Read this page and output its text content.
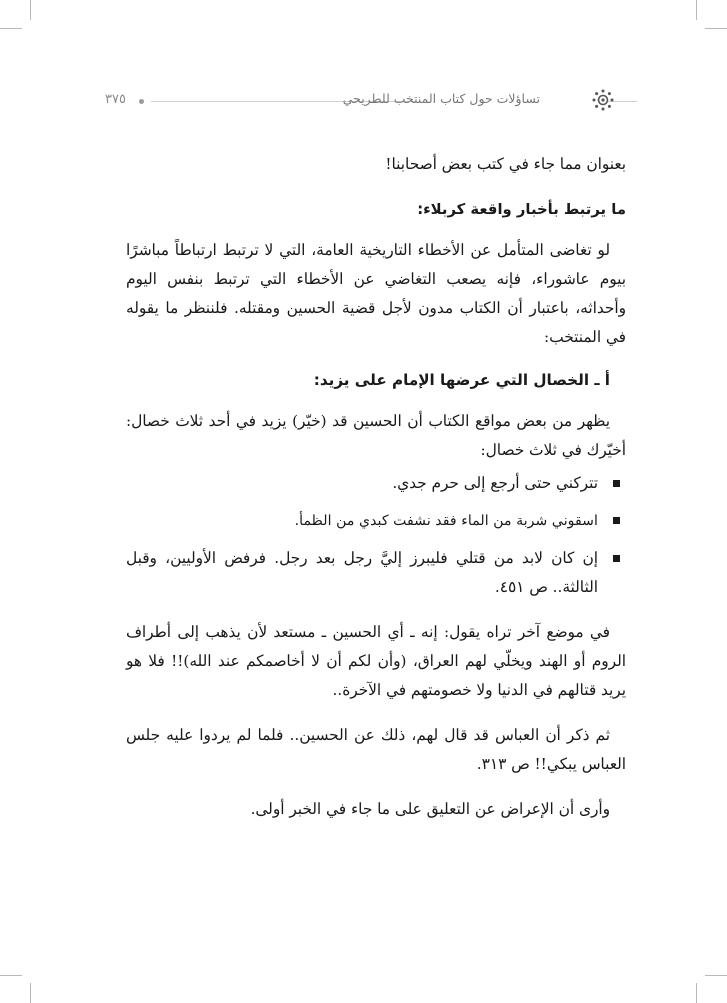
٣٧٥	تساؤلات حول كتاب المنتخب للطريحي

بعنوان مما جاء في كتب بعض أصحابنا!

ما يرتبط بأخبار واقعة كربلاء:

لو تغاضى المتأمل عن الأخطاء التاريخية العامة، التي لا ترتبط ارتباطاً مباشرًا بيوم عاشوراء، فإنه يصعب التغاضي عن الأخطاء التي ترتبط بنفس اليوم وأحداثه، باعتبار أن الكتاب مدون لأجل قضية الحسين ومقتله. فلننظر ما يقوله في المنتخب:

أ ـ الخصال التي عرضها الإمام على يزيد:

يظهر من بعض مواقع الكتاب أن الحسين قد (خيّر) يزيد في أحد ثلاث خصال: أخيّرك في ثلاث خصال:

تتركني حتى أرجع إلى حرم جدي.
اسقوني شربة من الماء فقد نشفت كبدي من الظمأ.
إن كان لابد من قتلي فليبرز إليَّ رجل بعد رجل. فرفض الأوليين، وقبل الثالثة.. ص ٤٥١.

في موضع آخر تراه يقول: إنه ـ أي الحسين ـ مستعد لأن يذهب إلى أطراف الروم أو الهند ويخلّي لهم العراق، (وأن لكم أن لا أخاصمكم عند الله)!! فلا هو يريد قتالهم في الدنيا ولا خصومتهم في الآخرة..

ثم ذكر أن العباس قد قال لهم، ذلك عن الحسين.. فلما لم يردوا عليه جلس العباس يبكي!! ص ٣١٣.

وأرى أن الإعراض عن التعليق على ما جاء في الخبر أولى.
